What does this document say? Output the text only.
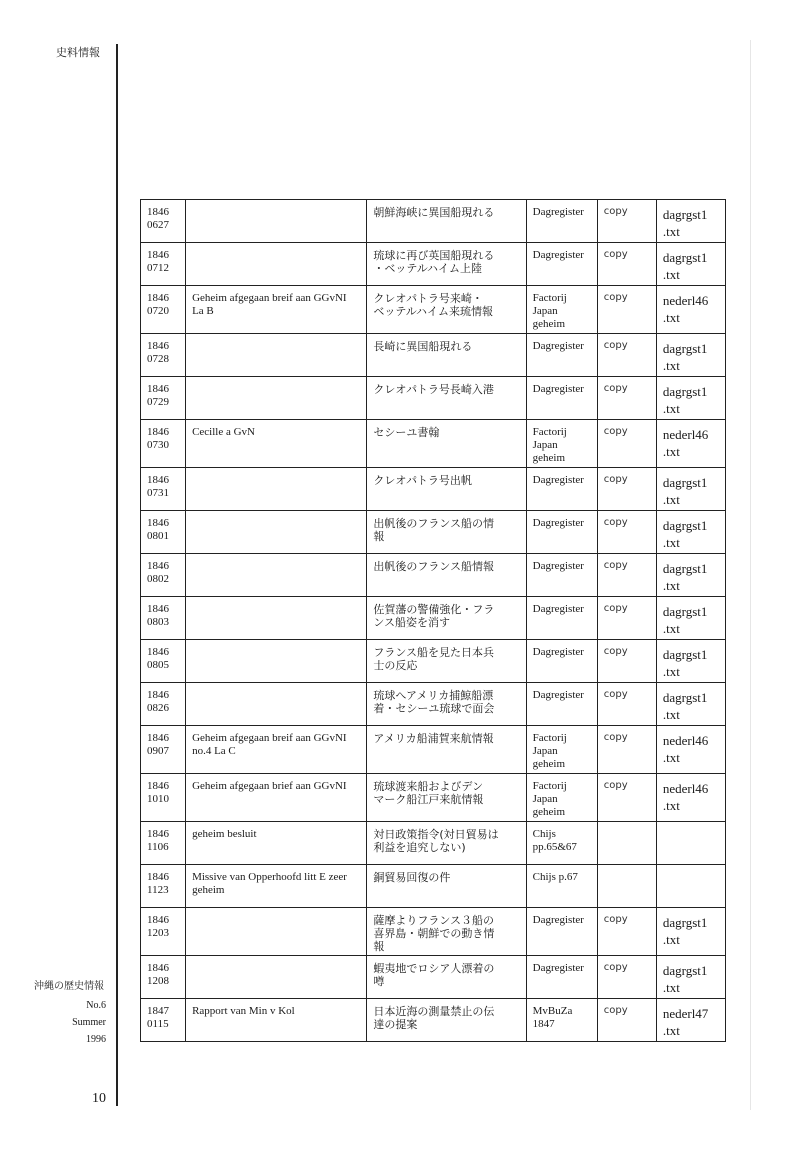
史料情報
1846
0627		朝鮮海峡に異国船現れる	Dagregister	copy	dagrgst1
.txt

1846
0712		琉球に再び英国船現れる
・ベッテルハイム上陸	Dagregister	copy	dagrgst1
.txt

1846
0720	Geheim afgegaan breif aan GGvNI
La B	クレオパトラ号来崎・
ベッテルハイム来琉情報	Factorij
Japan
geheim	copy	nederl46
.txt

1846
0728		長崎に異国船現れる	Dagregister	copy	dagrgst1
.txt

1846
0729		クレオパトラ号長崎入港	Dagregister	copy	dagrgst1
.txt

1846
0730	Cecille a GvN	セシーユ書翰	Factorij
Japan
geheim	copy	nederl46
.txt

1846
0731		クレオパトラ号出帆	Dagregister	copy	dagrgst1
.txt

1846
0801		出帆後のフランス船の情
報	Dagregister	copy	dagrgst1
.txt

1846
0802		出帆後のフランス船情報	Dagregister	copy	dagrgst1
.txt

1846
0803		佐賀藩の警備強化・フラ
ンス船姿を消す	Dagregister	copy	dagrgst1
.txt

1846
0805		フランス船を見た日本兵
士の反応	Dagregister	copy	dagrgst1
.txt

1846
0826		琉球へアメリカ捕鯨船漂
着・セシーユ琉球で面会	Dagregister	copy	dagrgst1
.txt

1846
0907	Geheim afgegaan breif aan GGvNI
no.4 La C	アメリカ船浦賀来航情報	Factorij
Japan
geheim	copy	nederl46
.txt

1846
1010	Geheim afgegaan brief aan GGvNI	琉球渡来船およびデン
マーク船江戸来航情報	Factorij
Japan
geheim	copy	nederl46
.txt

1846
1106	geheim besluit	対日政策指令(対日貿易は
利益を追究しない)	Chijs
pp.65&67		

1846
1123	Missive van Opperhoofd litt E zeer
geheim	銅貿易回復の件	Chijs p.67		

1846
1203		薩摩よりフランス３船の
喜界島・朝鮮での動き情
報	Dagregister	copy	dagrgst1
.txt

1846
1208		蝦夷地でロシア人漂着の
噂	Dagregister	copy	dagrgst1
.txt

1847
0115	Rapport van Min v Kol	日本近海の測量禁止の伝
達の提案	MvBuZa
1847	copy	nederl47
.txt
沖縄の歴史情報
No.6
Summer
1996
10
